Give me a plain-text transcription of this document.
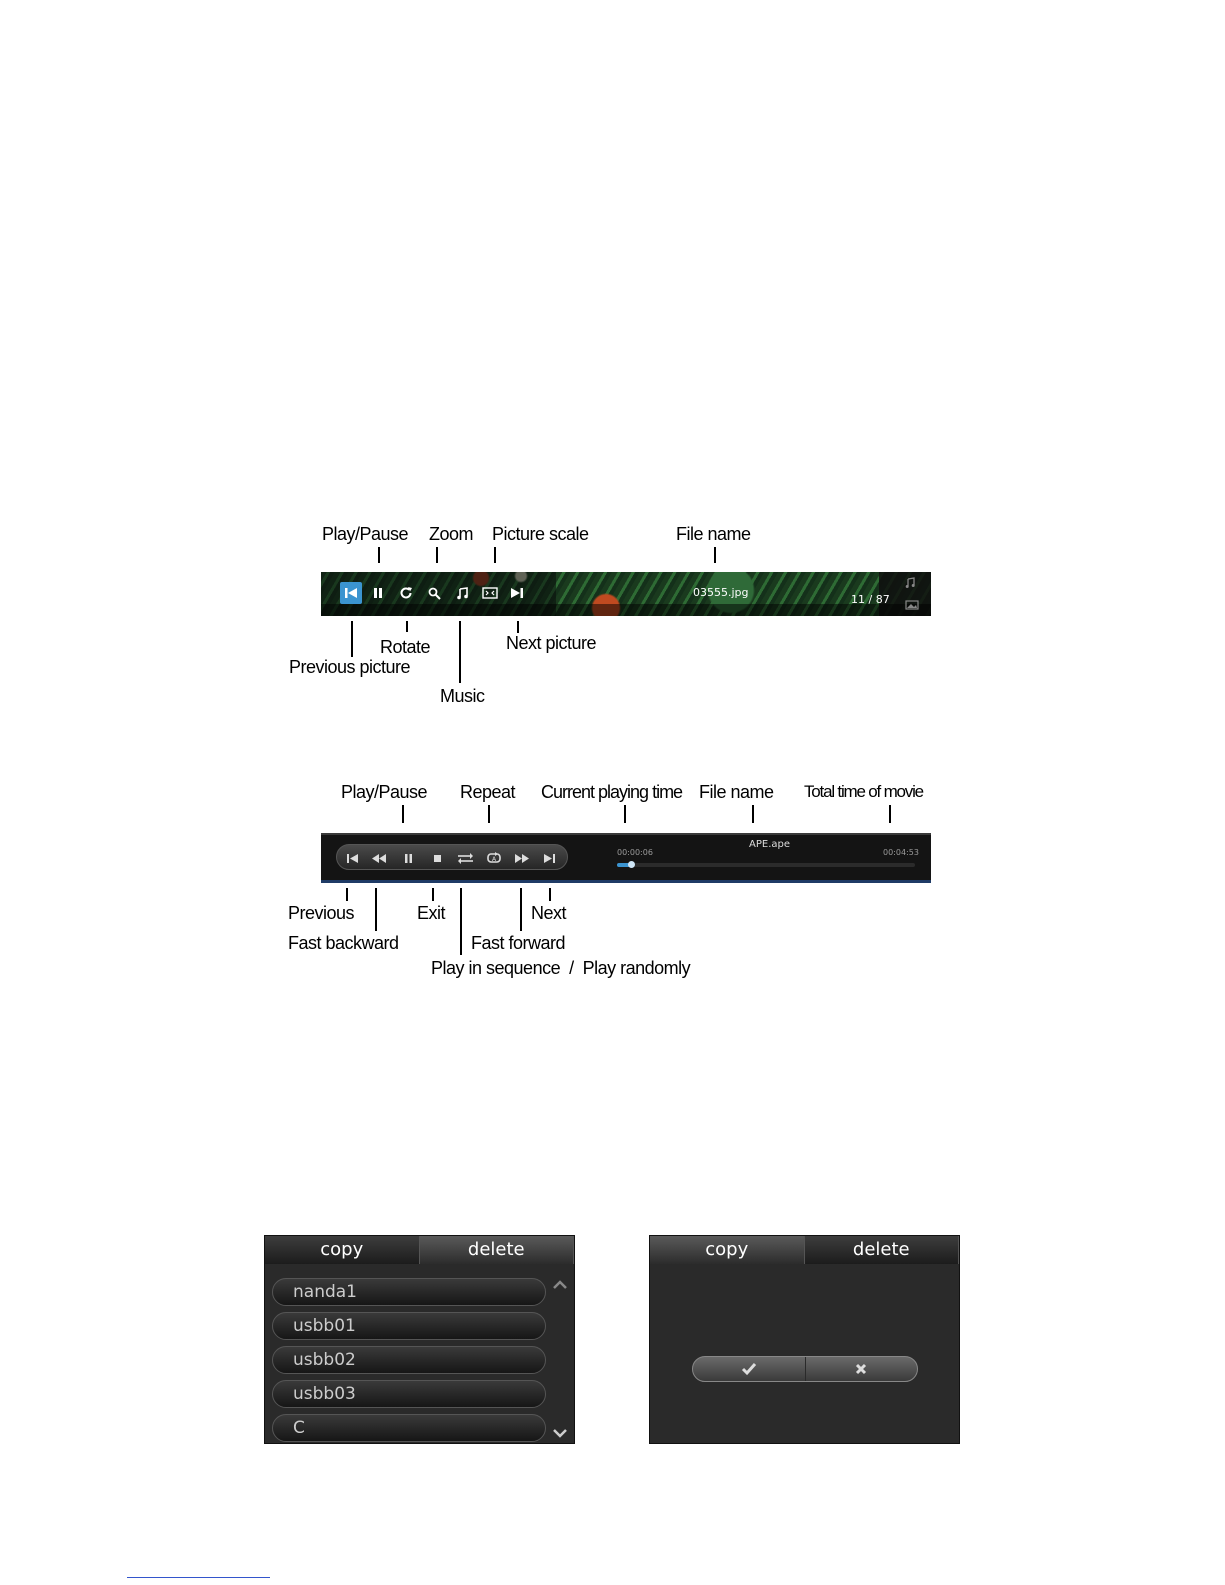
Play/Pause Zoom Picture scale	File name
03555.jpg
11 / 87
Rotate	Next picture
Previous picture
Music
Play/Pause Repeat Current playing time File name Total time of movie
A
00:00:06
APE.ape
00:04:53
Previous	Exit	Next
Fast backward	Fast forward
Play in sequence  /  Play randomly
copy	delete
nanda1
usbb01
usbb02
usbb03
C
copy	delete
